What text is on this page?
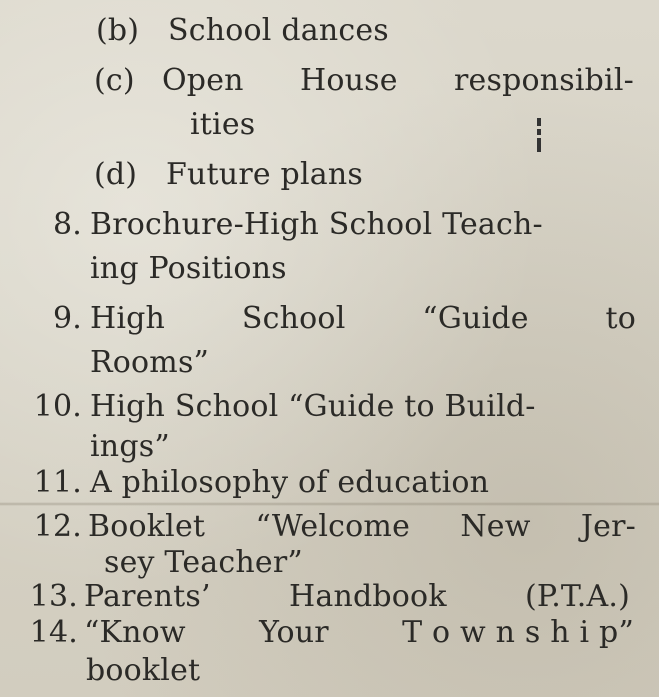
(b) School dances
(c) Open House responsibil-
ities
(d) Future plans
8. Brochure-High School Teach-
ing Positions
9. High	School	“Guide	to
Rooms”
10. High School “Guide to Build-
ings”
11. A philosophy of education
12. Booklet “Welcome New Jer-
sey Teacher”
13. Parents’	Handbook	(P.T.A.)
14. “Know Your T o w n s h i p”
booklet
